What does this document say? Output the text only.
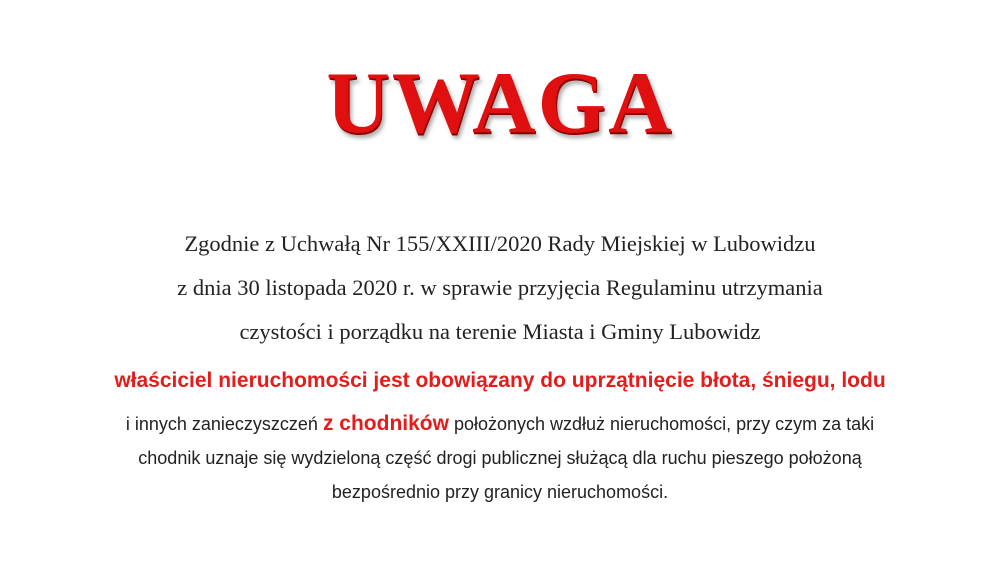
UWAGA
Zgodnie z Uchwałą Nr 155/XXIII/2020 Rady Miejskiej w Lubowidzu
z dnia 30 listopada 2020 r. w sprawie przyjęcia Regulaminu utrzymania
czystości i porządku na terenie Miasta i Gminy Lubowidz
właściciel nieruchomości jest obowiązany do uprzątnięcie błota, śniegu, lodu
i innych zanieczyszczeń z chodników położonych wzdłuż nieruchomości, przy czym za taki
chodnik uznaje się wydzieloną część drogi publicznej służącą dla ruchu pieszego położoną
bezpośrednio przy granicy nieruchomości.
